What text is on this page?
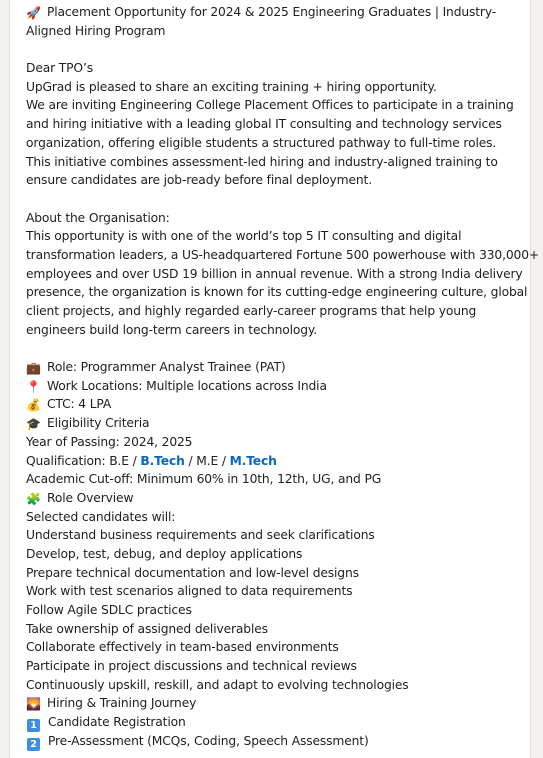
🚀 Placement Opportunity for 2024 & 2025 Engineering Graduates | Industry-
Aligned Hiring Program
Dear TPO’s
UpGrad is pleased to share an exciting training + hiring opportunity.
We are inviting Engineering College Placement Offices to participate in a training
and hiring initiative with a leading global IT consulting and technology services
organization, offering eligible students a structured pathway to full-time roles.
This initiative combines assessment-led hiring and industry-aligned training to
ensure candidates are job-ready before final deployment.
About the Organisation:
This opportunity is with one of the world’s top 5 IT consulting and digital
transformation leaders, a US-headquartered Fortune 500 powerhouse with 330,000+
employees and over USD 19 billion in annual revenue. With a strong India delivery
presence, the organization is known for its cutting-edge engineering culture, global
client projects, and highly regarded early-career programs that help young
engineers build long-term careers in technology.
💼 Role: Programmer Analyst Trainee (PAT)
📍 Work Locations: Multiple locations across India
💰 CTC: 4 LPA
🎓 Eligibility Criteria
Year of Passing: 2024, 2025
Qualification: B.E / B.Tech / M.E / M.Tech
Academic Cut-off: Minimum 60% in 10th, 12th, UG, and PG
🧩 Role Overview
Selected candidates will:
Understand business requirements and seek clarifications
Develop, test, debug, and deploy applications
Prepare technical documentation and low-level designs
Work with test scenarios aligned to data requirements
Follow Agile SDLC practices
Take ownership of assigned deliverables
Collaborate effectively in team-based environments
Participate in project discussions and technical reviews
Continuously upskill, reskill, and adapt to evolving technologies
🌄 Hiring & Training Journey
1 Candidate Registration
2 Pre-Assessment (MCQs, Coding, Speech Assessment)
